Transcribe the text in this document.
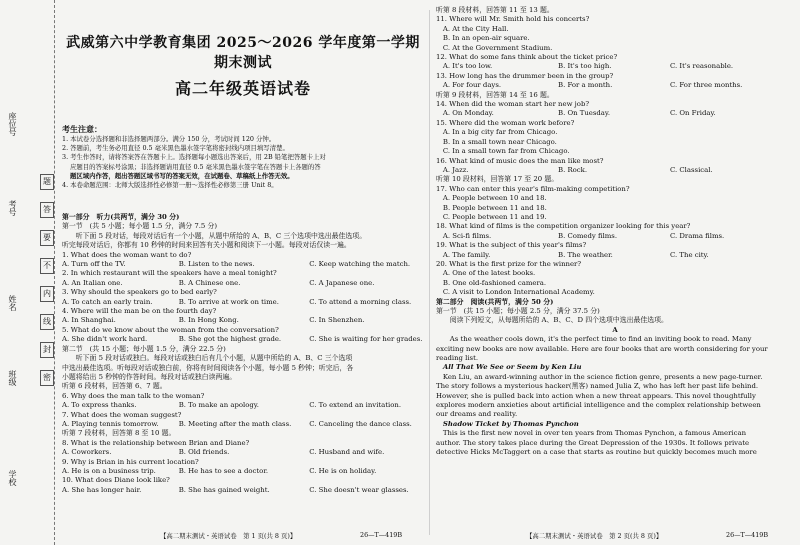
学校
班级
姓名
考号
座位号
密
封
线
内
不
要
答
题
武威第六中学教育集团 2025～2026 学年度第一学期期末测试
高二年级英语试卷
考生注意：
1. 本试卷分选择题和非选择题两部分。满分 150 分，考试时间 120 分钟。
2. 答题前，考生务必用直径 0.5 毫米黑色墨水签字笔将密封线内项目填写清楚。
3. 考生作答时，请将答案答在答题卡上。选择题每小题选出答案后，用 2B 铅笔把答题卡上对
应题目的答案标号涂黑；非选择题请用直径 0.5 毫米黑色墨水签字笔在答题卡上各题的答
题区域内作答，超出答题区域书写的答案无效，在试题卷、草稿纸上作答无效。
4. 本卷命题范围：北师大版选择性必修第一册～选择性必修第三册 Unit 8。
第一部分　听力(共两节，满分 30 分)
第一节　(共 5 小题；每小题 1.5 分，满分 7.5 分)
　　听下面 5 段对话，每段对话后有一个小题，从题中所给的 A、B、C 三个选项中选出最佳选项。
听完每段对话后，你都有 10 秒钟的时间来回答有关小题和阅读下一小题。每段对话仅读一遍。
1. What does the woman want to do?
A. Turn off the TV.	B. Listen to the news.	C. Keep watching the match.
2. In which restaurant will the speakers have a meal tonight?
A. An Italian one.	B. A Chinese one.	C. A Japanese one.
3. Why should the speakers go to bed early?
A. To catch an early train.	B. To arrive at work on time.	C. To attend a morning class.
4. Where will the man be on the fourth day?
A. In Shanghai.	B. In Hong Kong.	C. In Shenzhen.
5. What do we know about the woman from the conversation?
A. She didn't work hard.	B. She got the highest grade.	C. She is waiting for her grades.
第二节　(共 15 小题；每小题 1.5 分，满分 22.5 分)
　　听下面 5 段对话或独白。每段对话或独白后有几个小题，从题中所给的 A、B、C 三个选项
中选出最佳选项。听每段对话或独白前，你将有时间阅读各个小题，每小题 5 秒钟；听完后，各
小题将给出 5 秒钟的作答时间。每段对话或独白读两遍。
听第 6 段材料，回答第 6、7 题。
6. Why does the man talk to the woman?
A. To express thanks.	B. To make an apology.	C. To extend an invitation.
7. What does the woman suggest?
A. Playing tennis tomorrow.	B. Meeting after the math class.	C. Canceling the dance class.
听第 7 段材料，回答第 8 至 10 题。
8. What is the relationship between Brian and Diane?
A. Coworkers.	B. Old friends.	C. Husband and wife.
9. Why is Brian in his current location?
A. He is on a business trip.	B. He has to see a doctor.	C. He is on holiday.
10. What does Diane look like?
A. She has longer hair.	B. She has gained weight.	C. She doesn't wear glasses.
【高二期末测试・英语试卷　第 1 页(共 8 页)】	26—T—419B
听第 8 段材料，回答第 11 至 13 题。
11. Where will Mr. Smith hold his concerts?
　A. At the City Hall.
　B. In an open-air square.
　C. At the Government Stadium.
12. What do some fans think about the ticket price?
　A. It's too low.	B. It's too high.	C. It's reasonable.
13. How long has the drummer been in the group?
　A. For four days.	B. For a month.	C. For three months.
听第 9 段材料，回答第 14 至 16 题。
14. When did the woman start her new job?
　A. On Monday.	B. On Tuesday.	C. On Friday.
15. Where did the woman work before?
　A. In a big city far from Chicago.
　B. In a small town near Chicago.
　C. In a small town far from Chicago.
16. What kind of music does the man like most?
　A. Jazz.	B. Rock.	C. Classical.
听第 10 段材料，回答第 17 至 20 题。
17. Who can enter this year's film-making competition?
　A. People between 10 and 18.
　B. People between 11 and 18.
　C. People between 11 and 19.
18. What kind of films is the competition organizer looking for this year?
　A. Sci-fi films.	B. Comedy films.	C. Drama films.
19. What is the subject of this year's films?
　A. The family.	B. The weather.	C. The city.
20. What is the first prize for the winner?
　A. One of the latest books.
　B. One old-fashioned camera.
　C. A visit to London International Academy.
第二部分　阅读(共两节，满分 50 分)
第一节　(共 15 小题；每小题 2.5 分，满分 37.5 分)
　　阅读下列短文，从每题所给的 A、B、C、D 四个选项中选出最佳选项。
A
　　As the weather cools down, it's the perfect time to find an inviting book to read. Many
exciting new books are now available. Here are four books that are worth considering for your
reading list.
　All That We See or Seem by Ken Liu
　Ken Liu, an award-winning author in the science fiction genre, presents a new page-turner.
The story follows a mysterious hacker(黑客) named Julia Z, who has left her past life behind.
However, she is pulled back into action when a new threat appears. This novel thoughtfully
explores modern anxieties about artificial intelligence and the complex relationship between
our dreams and reality.
　Shadow Ticket by Thomas Pynchon
　This is the first new novel in over ten years from Thomas Pynchon, a famous American
author. The story takes place during the Great Depression of the 1930s. It follows private
detective Hicks McTaggert on a case that starts as routine but quickly becomes much more
【高二期末测试・英语试卷　第 2 页(共 8 页)】	26—T—419B
